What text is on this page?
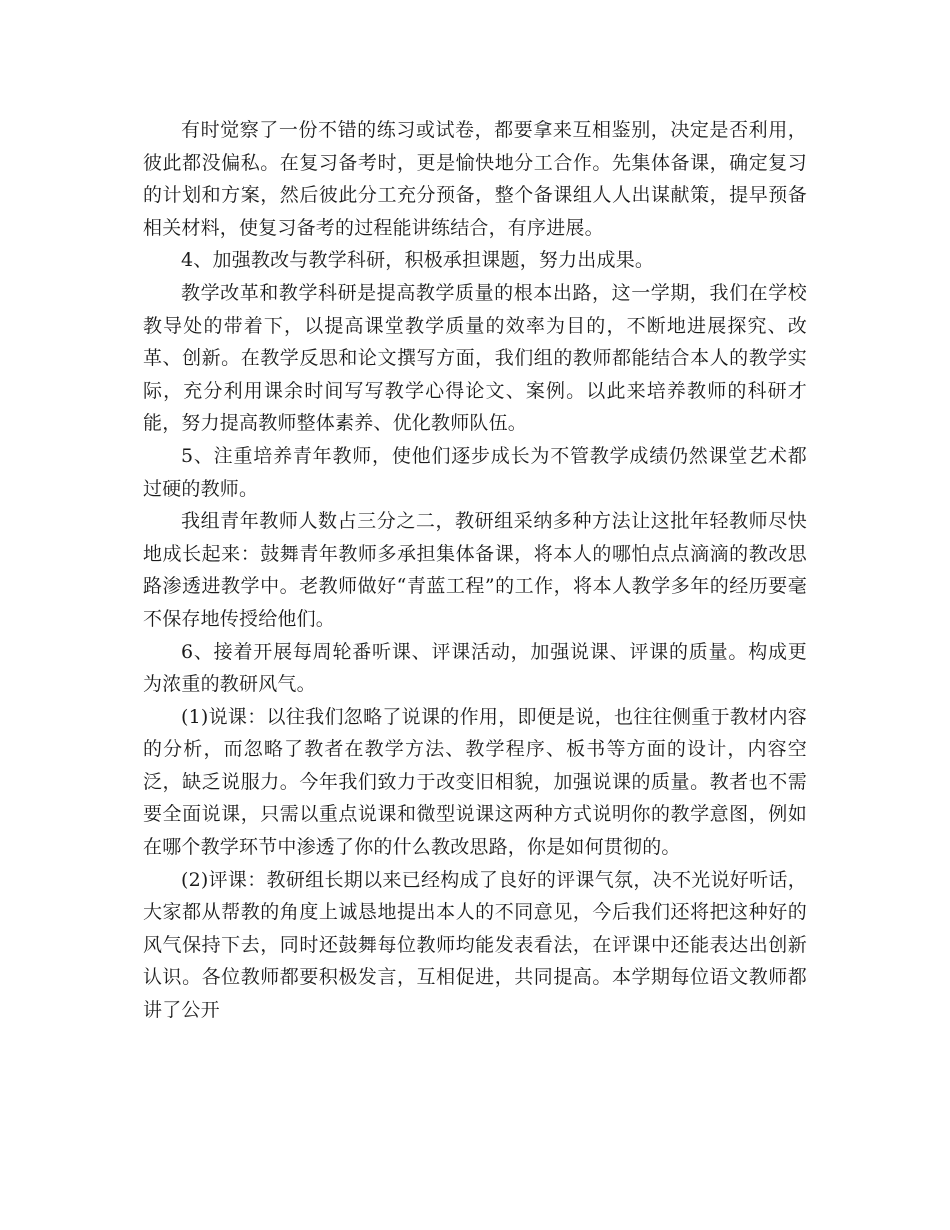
有时觉察了一份不错的练习或试卷，都要拿来互相鉴别，决定是否利用，彼此都没偏私。在复习备考时，更是愉快地分工合作。先集体备课，确定复习的计划和方案，然后彼此分工充分预备，整个备课组人人出谋献策，提早预备相关材料，使复习备考的过程能讲练结合，有序进展。

4、加强教改与教学科研，积极承担课题，努力出成果。

教学改革和教学科研是提高教学质量的根本出路，这一学期，我们在学校教导处的带着下，以提高课堂教学质量的效率为目的，不断地进展探究、改革、创新。在教学反思和论文撰写方面，我们组的教师都能结合本人的教学实际，充分利用课余时间写写教学心得论文、案例。以此来培养教师的科研才能，努力提高教师整体素养、优化教师队伍。

5、注重培养青年教师，使他们逐步成长为不管教学成绩仍然课堂艺术都过硬的教师。

我组青年教师人数占三分之二，教研组采纳多种方法让这批年轻教师尽快地成长起来：鼓舞青年教师多承担集体备课，将本人的哪怕点点滴滴的教改思路渗透进教学中。老教师做好“青蓝工程”的工作，将本人教学多年的经历要毫不保存地传授给他们。

6、接着开展每周轮番听课、评课活动，加强说课、评课的质量。构成更为浓重的教研风气。

(1)说课：以往我们忽略了说课的作用，即便是说，也往往侧重于教材内容的分析，而忽略了教者在教学方法、教学程序、板书等方面的设计，内容空泛，缺乏说服力。今年我们致力于改变旧相貌，加强说课的质量。教者也不需要全面说课，只需以重点说课和微型说课这两种方式说明你的教学意图，例如在哪个教学环节中渗透了你的什么教改思路，你是如何贯彻的。

(2)评课：教研组长期以来已经构成了良好的评课气氛，决不光说好听话，大家都从帮教的角度上诚恳地提出本人的不同意见，今后我们还将把这种好的风气保持下去，同时还鼓舞每位教师均能发表看法，在评课中还能表达出创新认识。各位教师都要积极发言，互相促进，共同提高。本学期每位语文教师都讲了公开
